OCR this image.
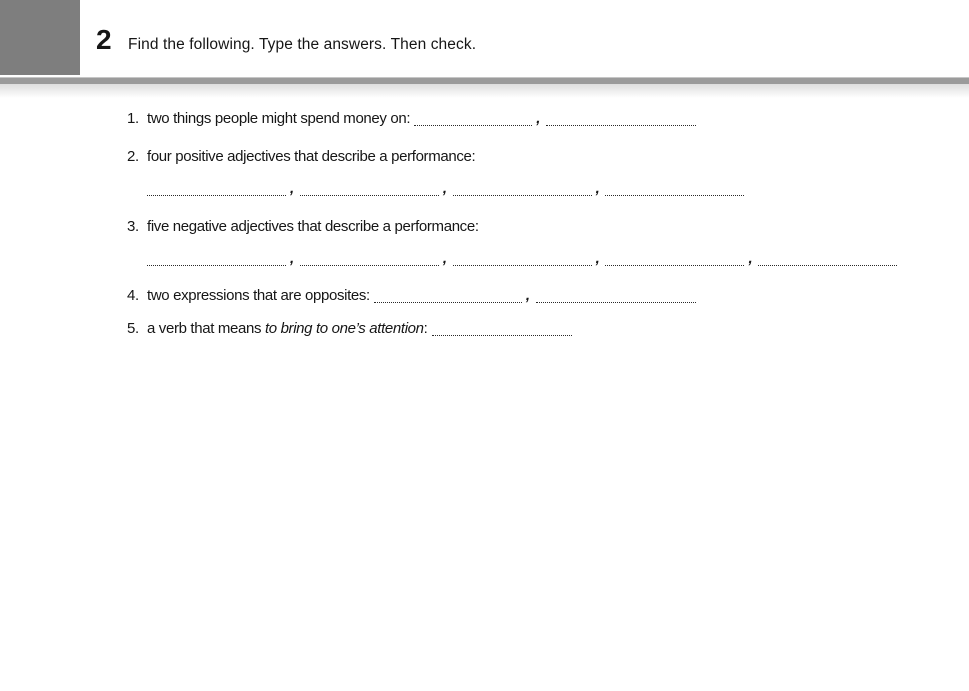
2 Find the following. Type the answers. Then check.
1. two things people might spend money on:	,
2. four positive adjectives that describe a performance:
,	,	,
3. five negative adjectives that describe a performance:
,	,	,	,
4. two expressions that are opposites:	,
5. a verb that means to bring to one’s attention:
